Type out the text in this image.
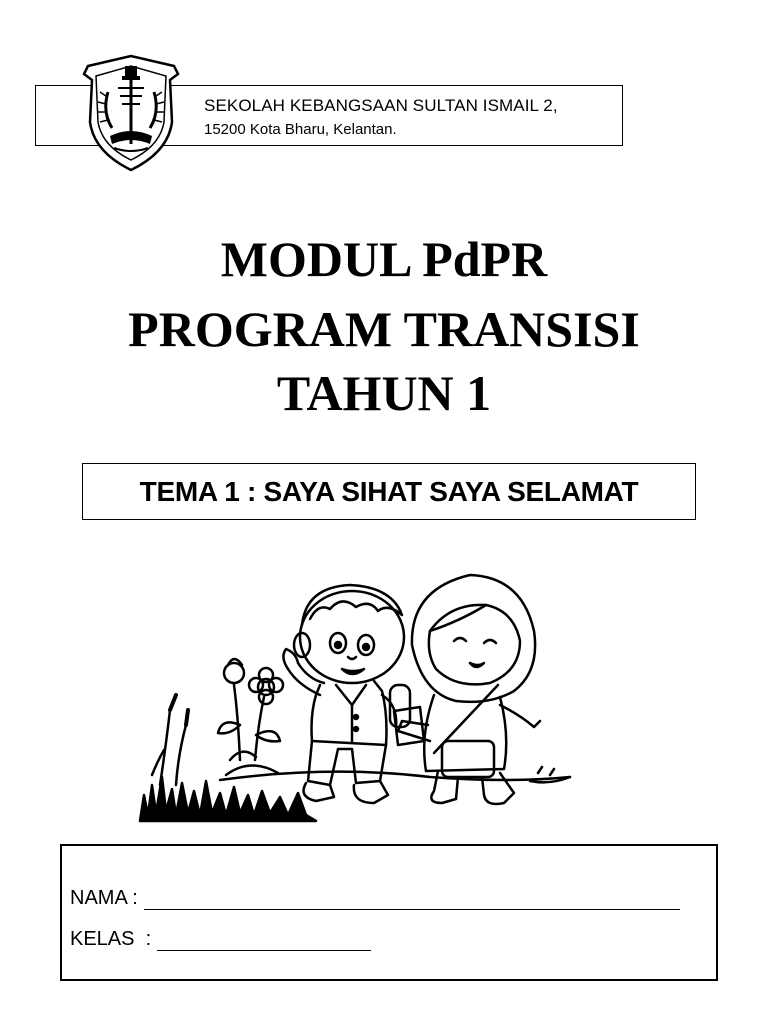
SEKOLAH KEBANGSAAN SULTAN ISMAIL 2,
15200 Kota Bharu, Kelantan.
MODUL PdPR
PROGRAM TRANSISI
TAHUN 1
TEMA 1 : SAYA SIHAT SAYA SELAMAT
NAMA :
KELAS  :
